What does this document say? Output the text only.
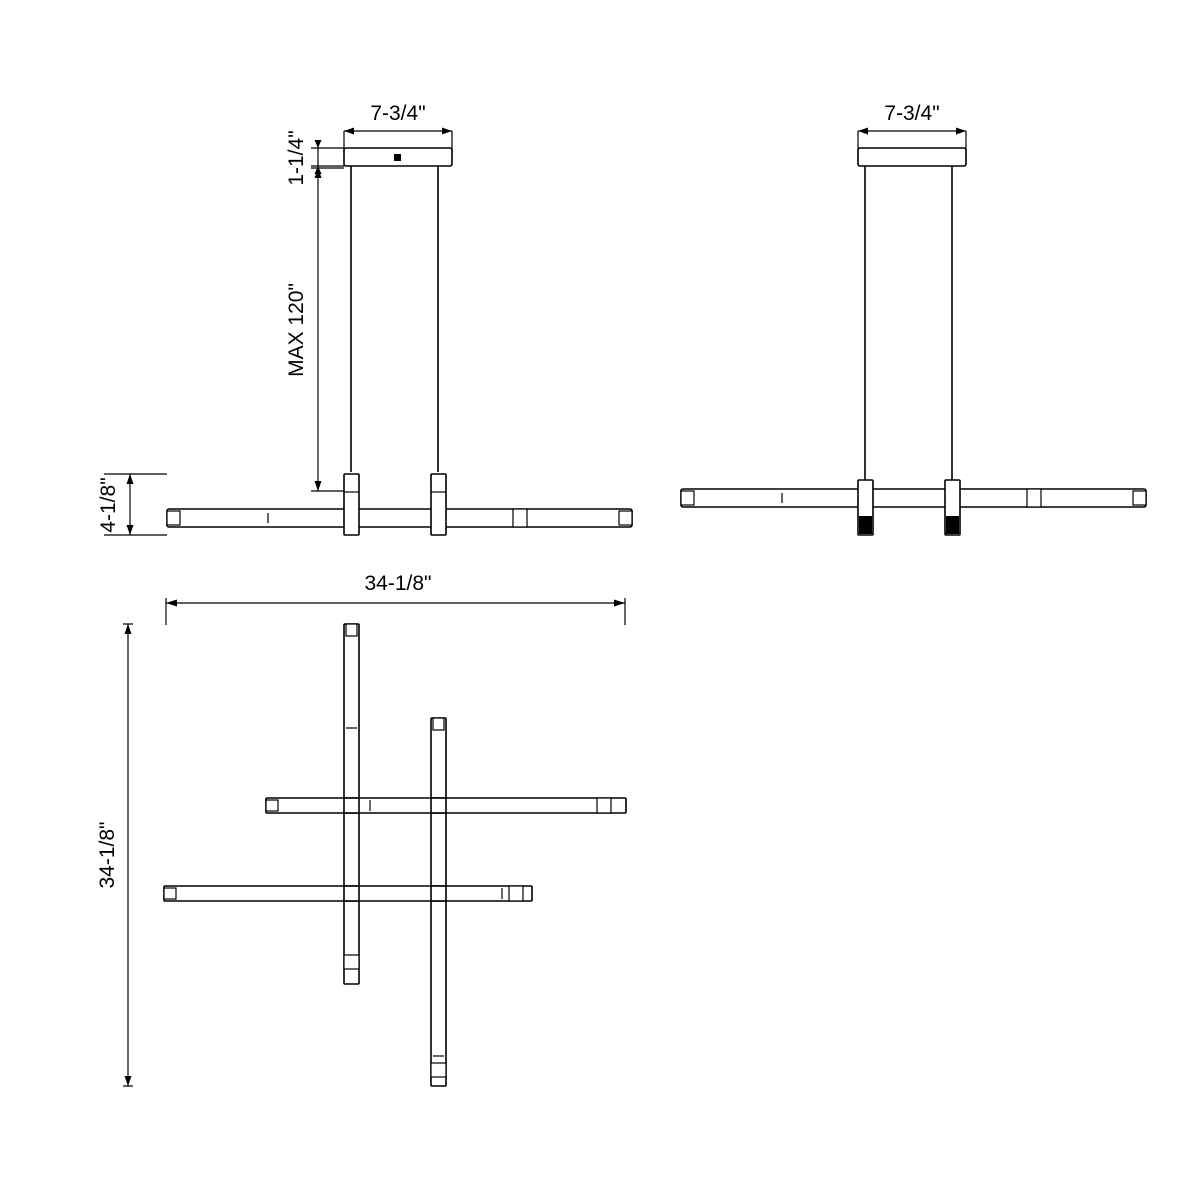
7-3/4"
1-1/4"
MAX 120"
4-1/8"
7-3/4"
34-1/8"
34-1/8"
